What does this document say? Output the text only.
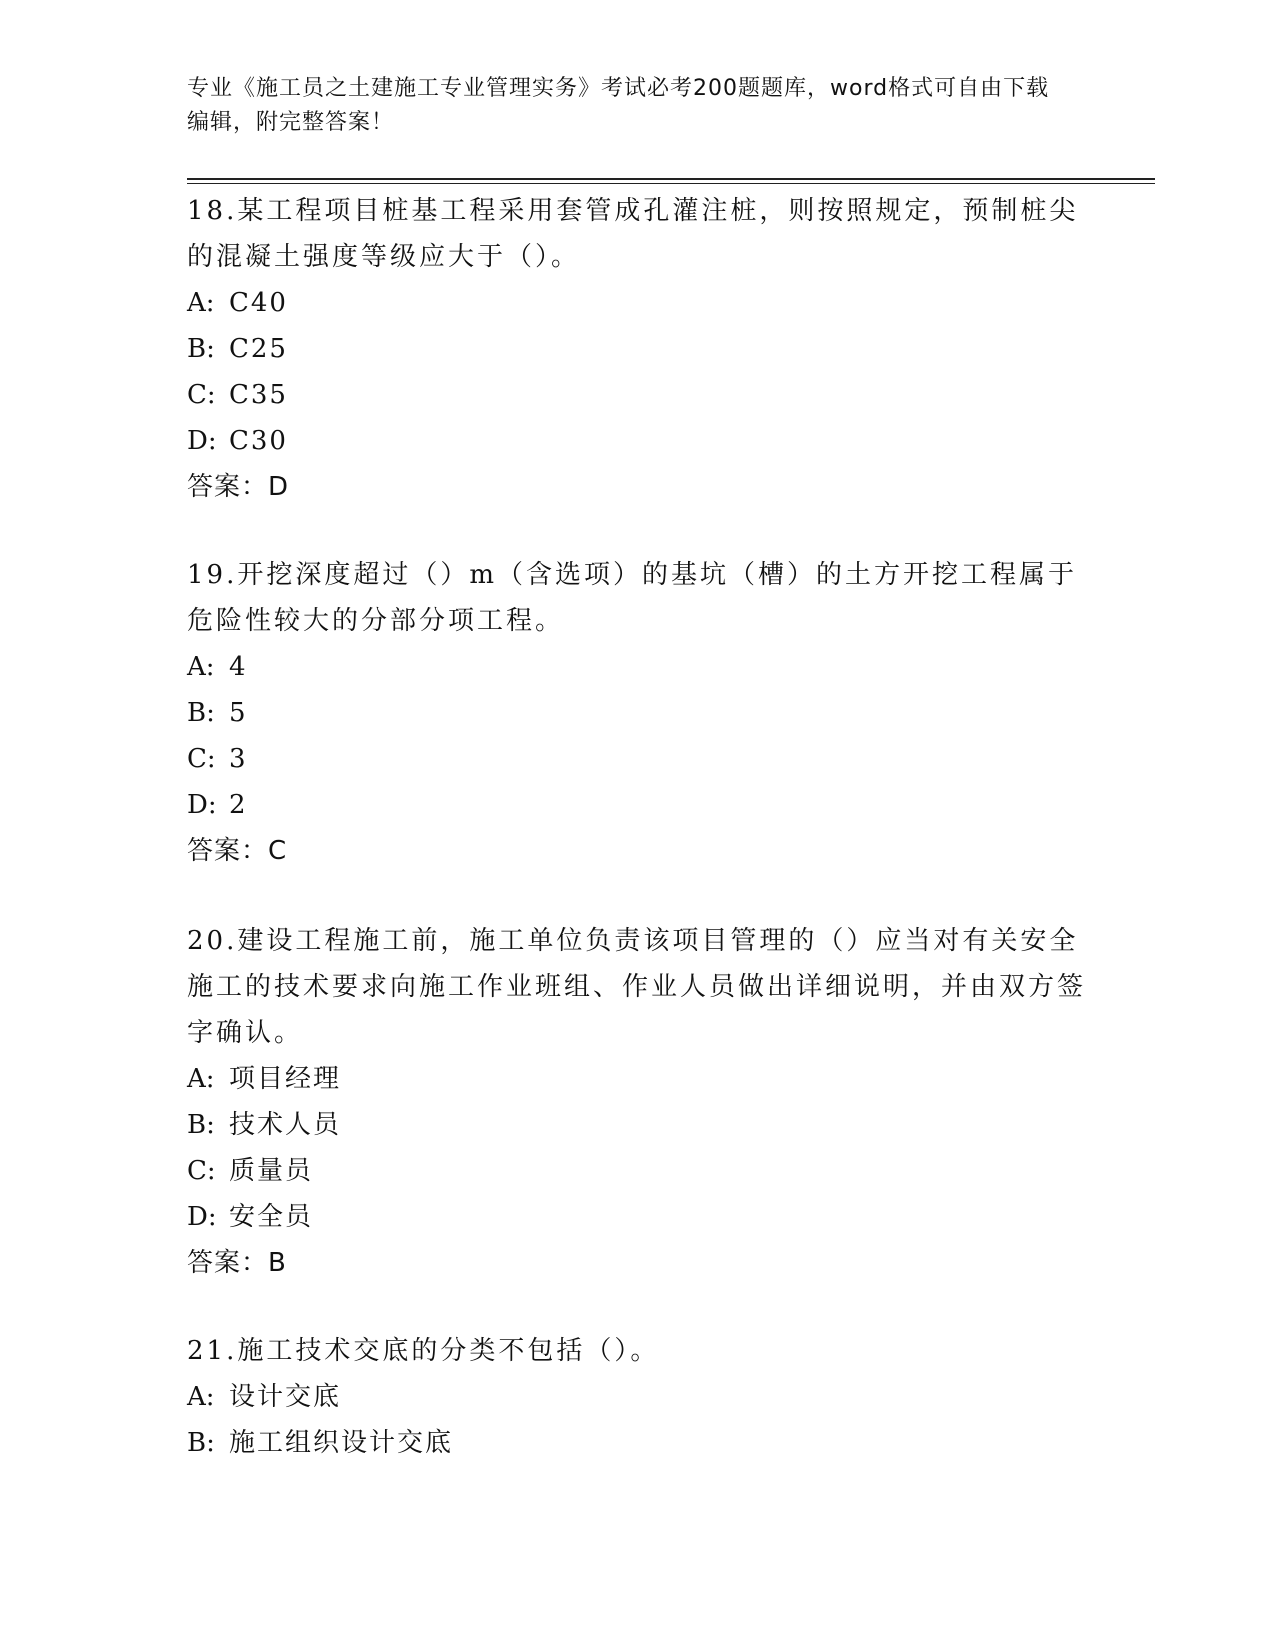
专业《施工员之土建施工专业管理实务》考试必考200题题库，word格式可自由下载编辑，附完整答案！

18.某工程项目桩基工程采用套管成孔灌注桩，则按照规定，预制桩尖的混凝土强度等级应大于（）。

A: C40

B: C25

C: C35

D: C30

答案：D

19.开挖深度超过（）m（含选项）的基坑（槽）的土方开挖工程属于危险性较大的分部分项工程。

A: 4

B: 5

C: 3

D: 2

答案：C

20.建设工程施工前，施工单位负责该项目管理的（）应当对有关安全施工的技术要求向施工作业班组、作业人员做出详细说明，并由双方签字确认。

A: 项目经理

B: 技术人员

C: 质量员

D: 安全员

答案：B

21.施工技术交底的分类不包括（）。

A: 设计交底

B: 施工组织设计交底
